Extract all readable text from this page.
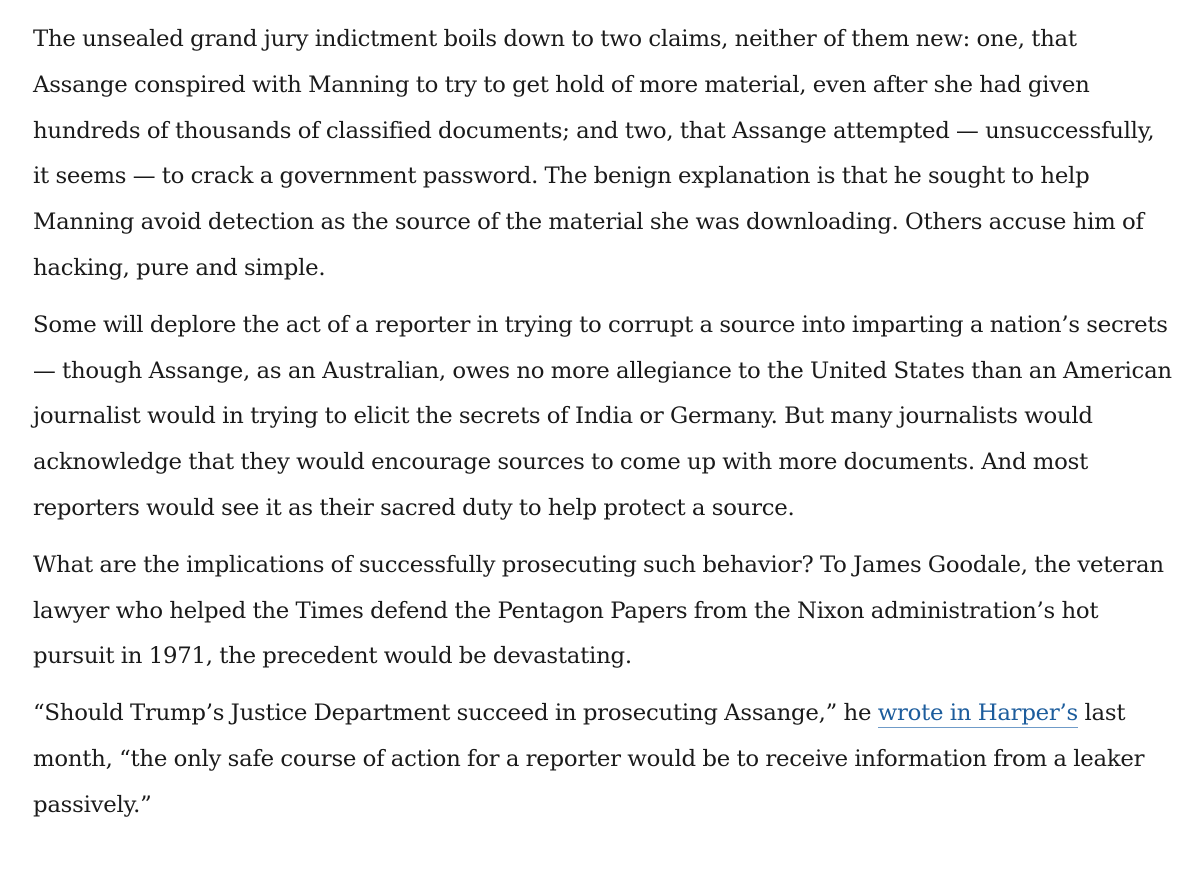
The unsealed grand jury indictment boils down to two claims, neither of them new: one, that
Assange conspired with Manning to try to get hold of more material, even after she had given
hundreds of thousands of classified documents; and two, that Assange attempted — unsuccessfully,
it seems — to crack a government password. The benign explanation is that he sought to help
Manning avoid detection as the source of the material she was downloading. Others accuse him of
hacking, pure and simple.

Some will deplore the act of a reporter in trying to corrupt a source into imparting a nation’s secrets
— though Assange, as an Australian, owes no more allegiance to the United States than an American
journalist would in trying to elicit the secrets of India or Germany. But many journalists would
acknowledge that they would encourage sources to come up with more documents. And most
reporters would see it as their sacred duty to help protect a source.

What are the implications of successfully prosecuting such behavior? To James Goodale, the veteran
lawyer who helped the Times defend the Pentagon Papers from the Nixon administration’s hot
pursuit in 1971, the precedent would be devastating.

“Should Trump’s Justice Department succeed in prosecuting Assange,” he wrote in Harper’s last
month, “the only safe course of action for a reporter would be to receive information from a leaker
passively.”
